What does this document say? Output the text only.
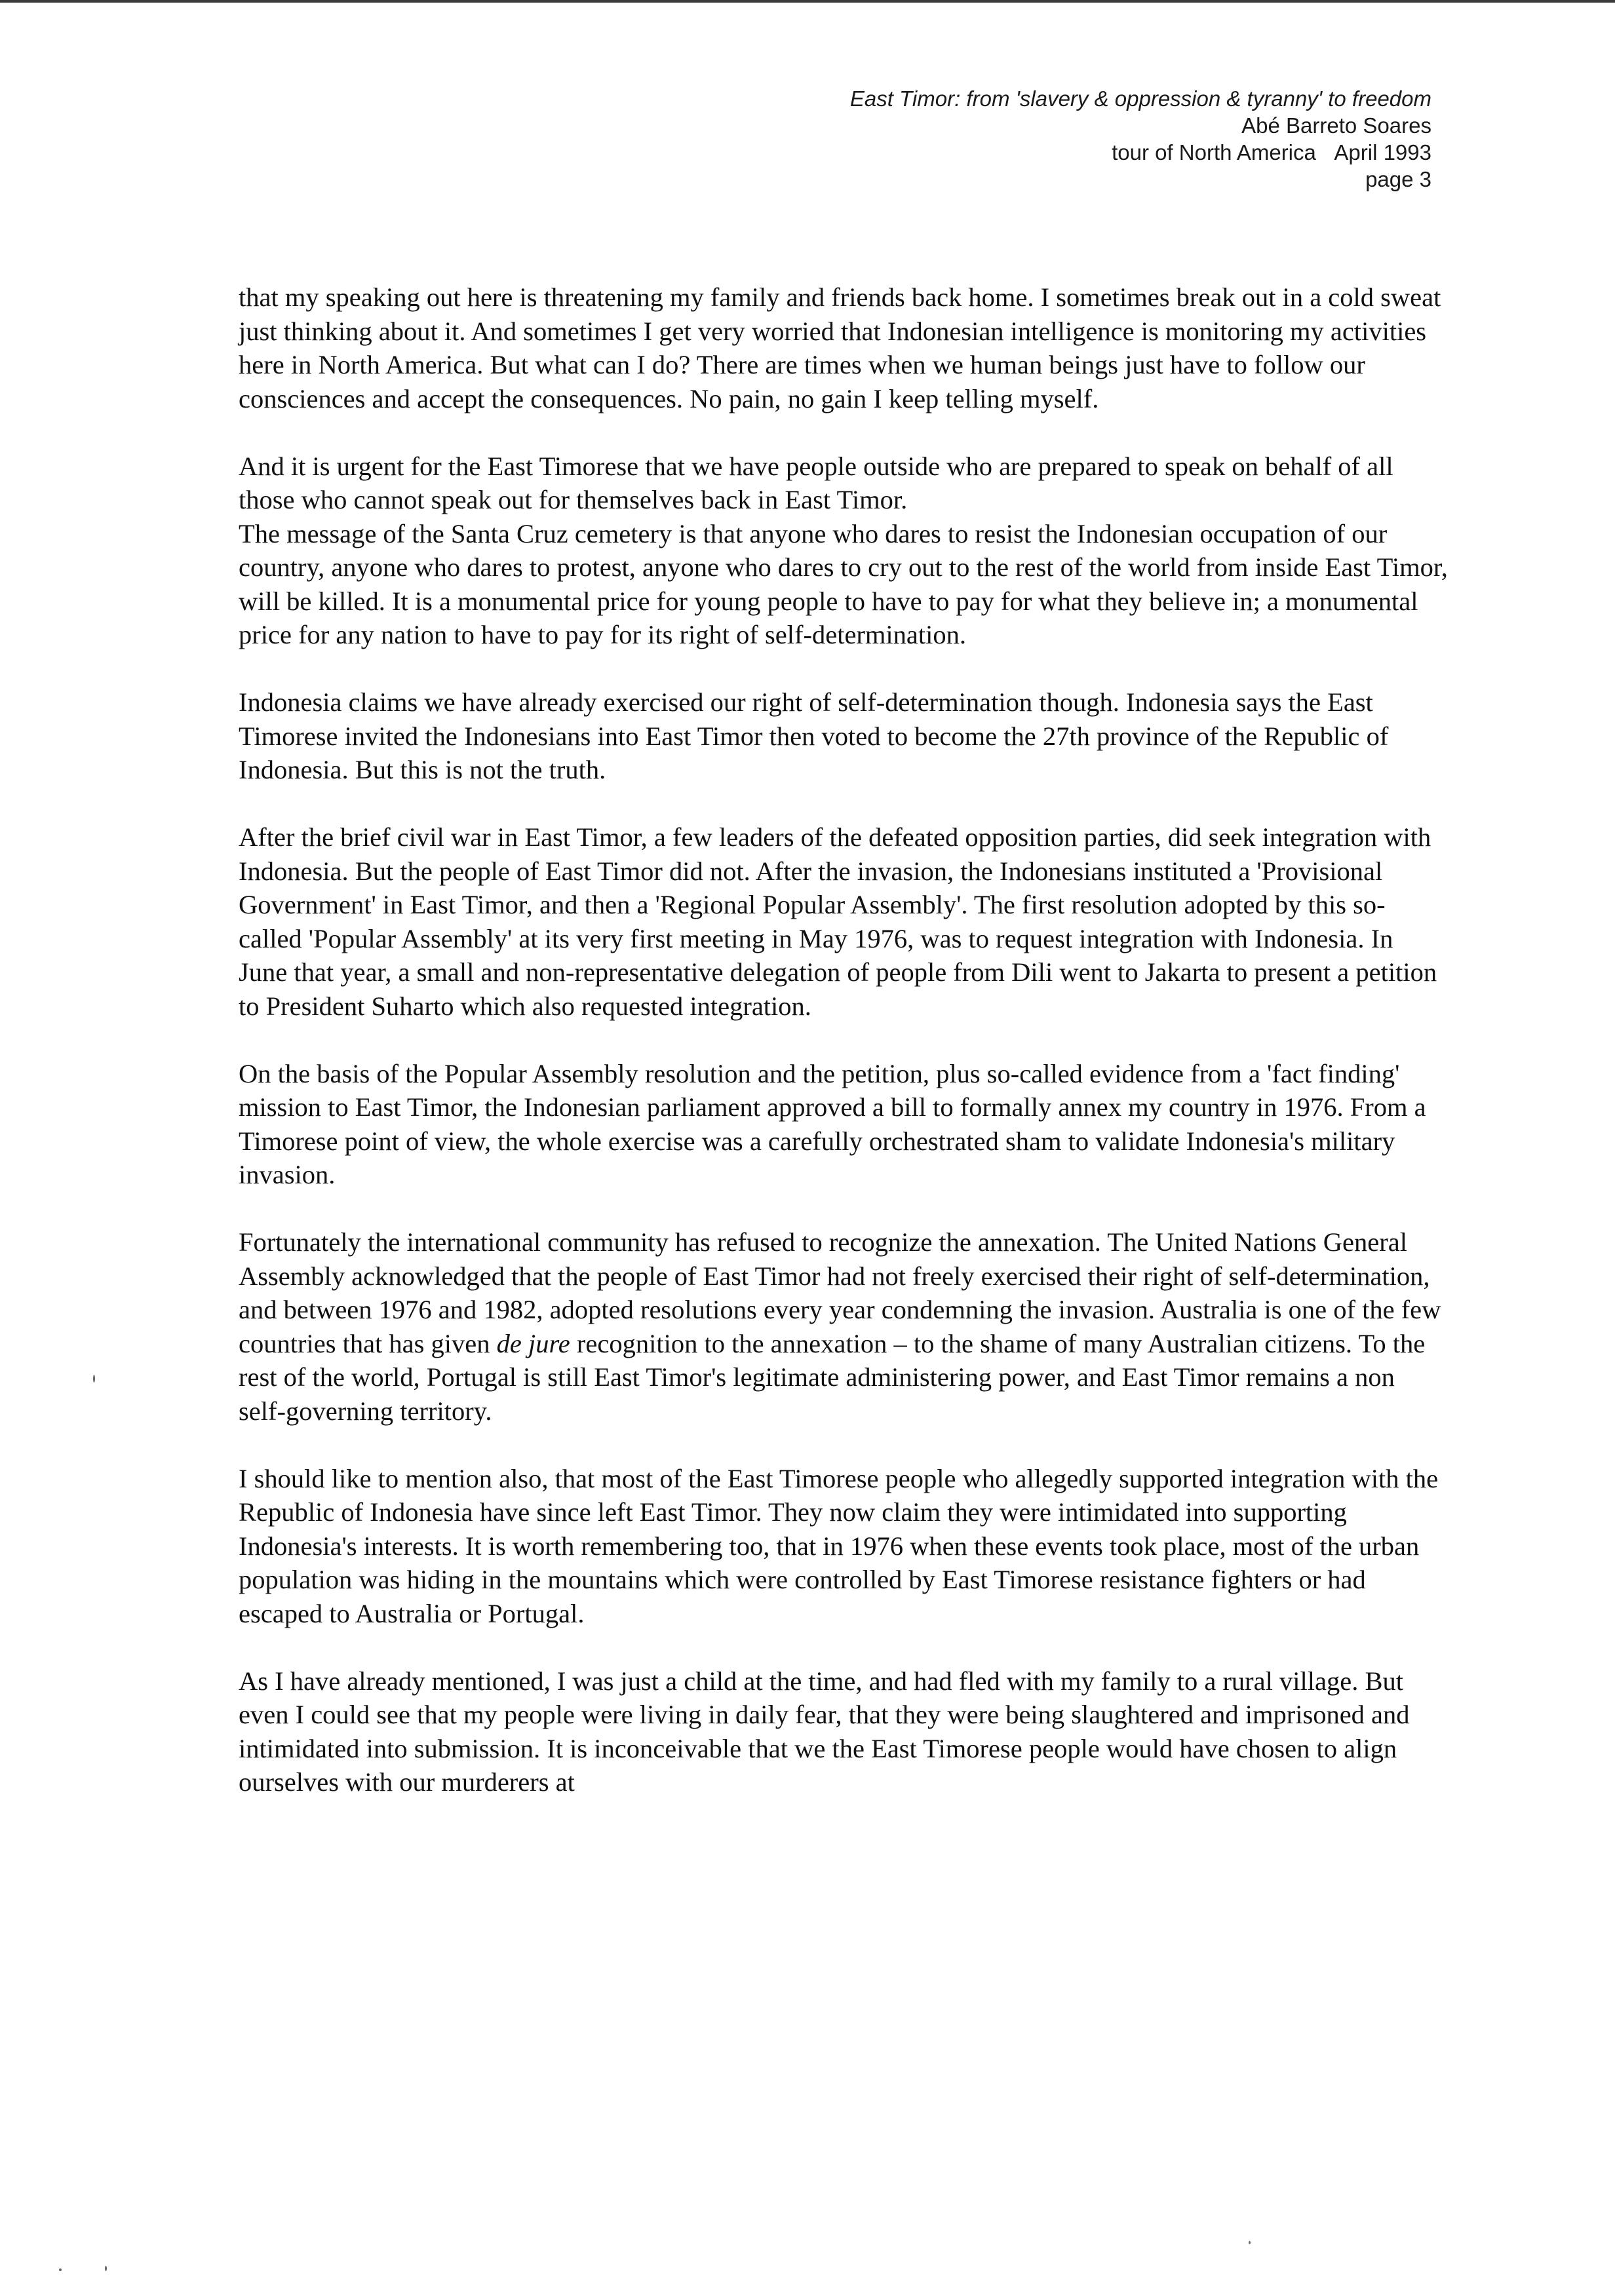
East Timor: from 'slavery & oppression & tyranny' to freedom
Abé Barreto Soares
tour of North America April 1993
page 3

that my speaking out here is threatening my family and friends back home. I sometimes break out in a cold sweat just thinking about it. And sometimes I get very worried that Indonesian intelligence is monitoring my activities here in North America. But what can I do? There are times when we human beings just have to follow our consciences and accept the consequences. No pain, no gain I keep telling myself.

And it is urgent for the East Timorese that we have people outside who are prepared to speak on behalf of all those who cannot speak out for themselves back in East Timor.

The message of the Santa Cruz cemetery is that anyone who dares to resist the Indonesian occupation of our country, anyone who dares to protest, anyone who dares to cry out to the rest of the world from inside East Timor, will be killed. It is a monumental price for young people to have to pay for what they believe in; a monumental price for any nation to have to pay for its right of self-determination.

Indonesia claims we have already exercised our right of self-determination though. Indonesia says the East Timorese invited the Indonesians into East Timor then voted to become the 27th province of the Republic of Indonesia. But this is not the truth.

After the brief civil war in East Timor, a few leaders of the defeated opposition parties, did seek integration with Indonesia. But the people of East Timor did not. After the invasion, the Indonesians instituted a 'Provisional Government' in East Timor, and then a 'Regional Popular Assembly'. The first resolution adopted by this so-called 'Popular Assembly' at its very first meeting in May 1976, was to request integration with Indonesia. In June that year, a small and non-representative delegation of people from Dili went to Jakarta to present a petition to President Suharto which also requested integration.

On the basis of the Popular Assembly resolution and the petition, plus so-called evidence from a 'fact finding' mission to East Timor, the Indonesian parliament approved a bill to formally annex my country in 1976. From a Timorese point of view, the whole exercise was a carefully orchestrated sham to validate Indonesia's military invasion.

Fortunately the international community has refused to recognize the annexation. The United Nations General Assembly acknowledged that the people of East Timor had not freely exercised their right of self-determination, and between 1976 and 1982, adopted resolutions every year condemning the invasion. Australia is one of the few countries that has given de jure recognition to the annexation – to the shame of many Australian citizens. To the rest of the world, Portugal is still East Timor's legitimate administering power, and East Timor remains a non self-governing territory.

I should like to mention also, that most of the East Timorese people who allegedly supported integration with the Republic of Indonesia have since left East Timor. They now claim they were intimidated into supporting Indonesia's interests. It is worth remembering too, that in 1976 when these events took place, most of the urban population was hiding in the mountains which were controlled by East Timorese resistance fighters or had escaped to Australia or Portugal.

As I have already mentioned, I was just a child at the time, and had fled with my family to a rural village. But even I could see that my people were living in daily fear, that they were being slaughtered and imprisoned and intimidated into submission. It is inconceivable that we the East Timorese people would have chosen to align ourselves with our murderers at
